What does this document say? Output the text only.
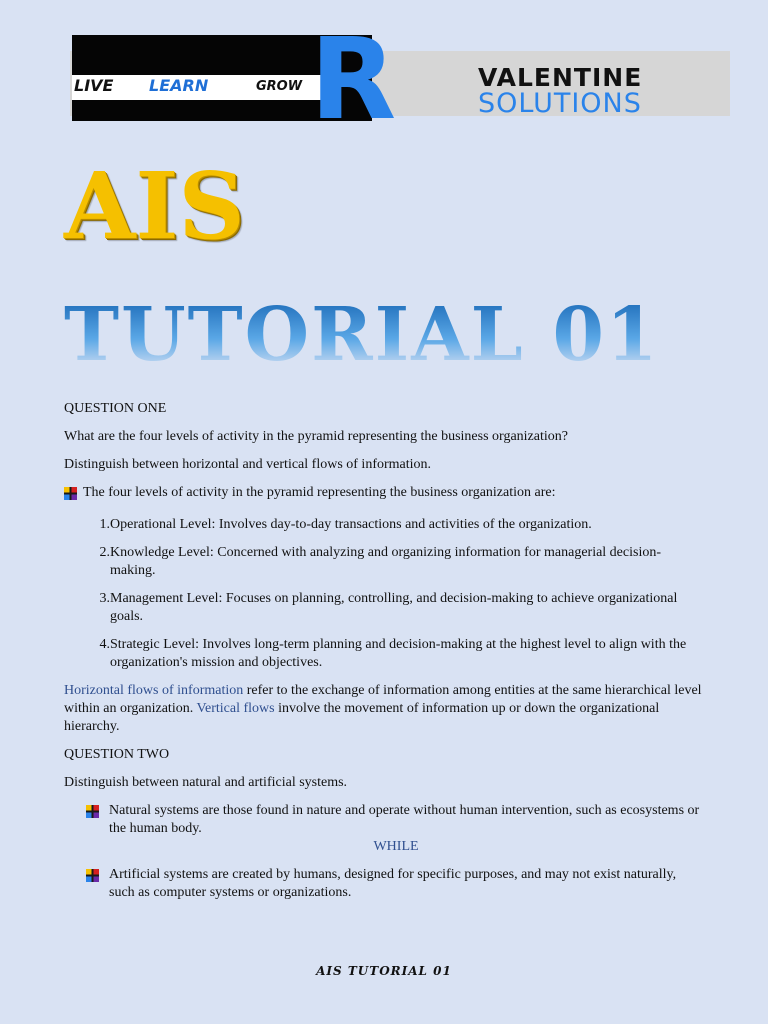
LIVE LEARN	GROW R	VALENTINE
SOLUTIONS
AIS
TUTORIAL 01

QUESTION ONE

What are the four levels of activity in the pyramid representing the business organization?

Distinguish between horizontal and vertical flows of information.

The four levels of activity in the pyramid representing the business organization are:
1. Operational Level: Involves day-to-day transactions and activities of the organization.
2. Knowledge Level: Concerned with analyzing and organizing information for managerial decision-making.
3. Management Level: Focuses on planning, controlling, and decision-making to achieve organizational goals.
4. Strategic Level: Involves long-term planning and decision-making at the highest level to align with the organization's mission and objectives.

Horizontal flows of information refer to the exchange of information among entities at the same hierarchical level within an organization. Vertical flows involve the movement of information up or down the organizational hierarchy.

QUESTION TWO

Distinguish between natural and artificial systems.

Natural systems are those found in nature and operate without human intervention, such as ecosystems or the human body.

WHILE

Artificial systems are created by humans, designed for specific purposes, and may not exist naturally, such as computer systems or organizations.
AIS TUTORIAL 01
